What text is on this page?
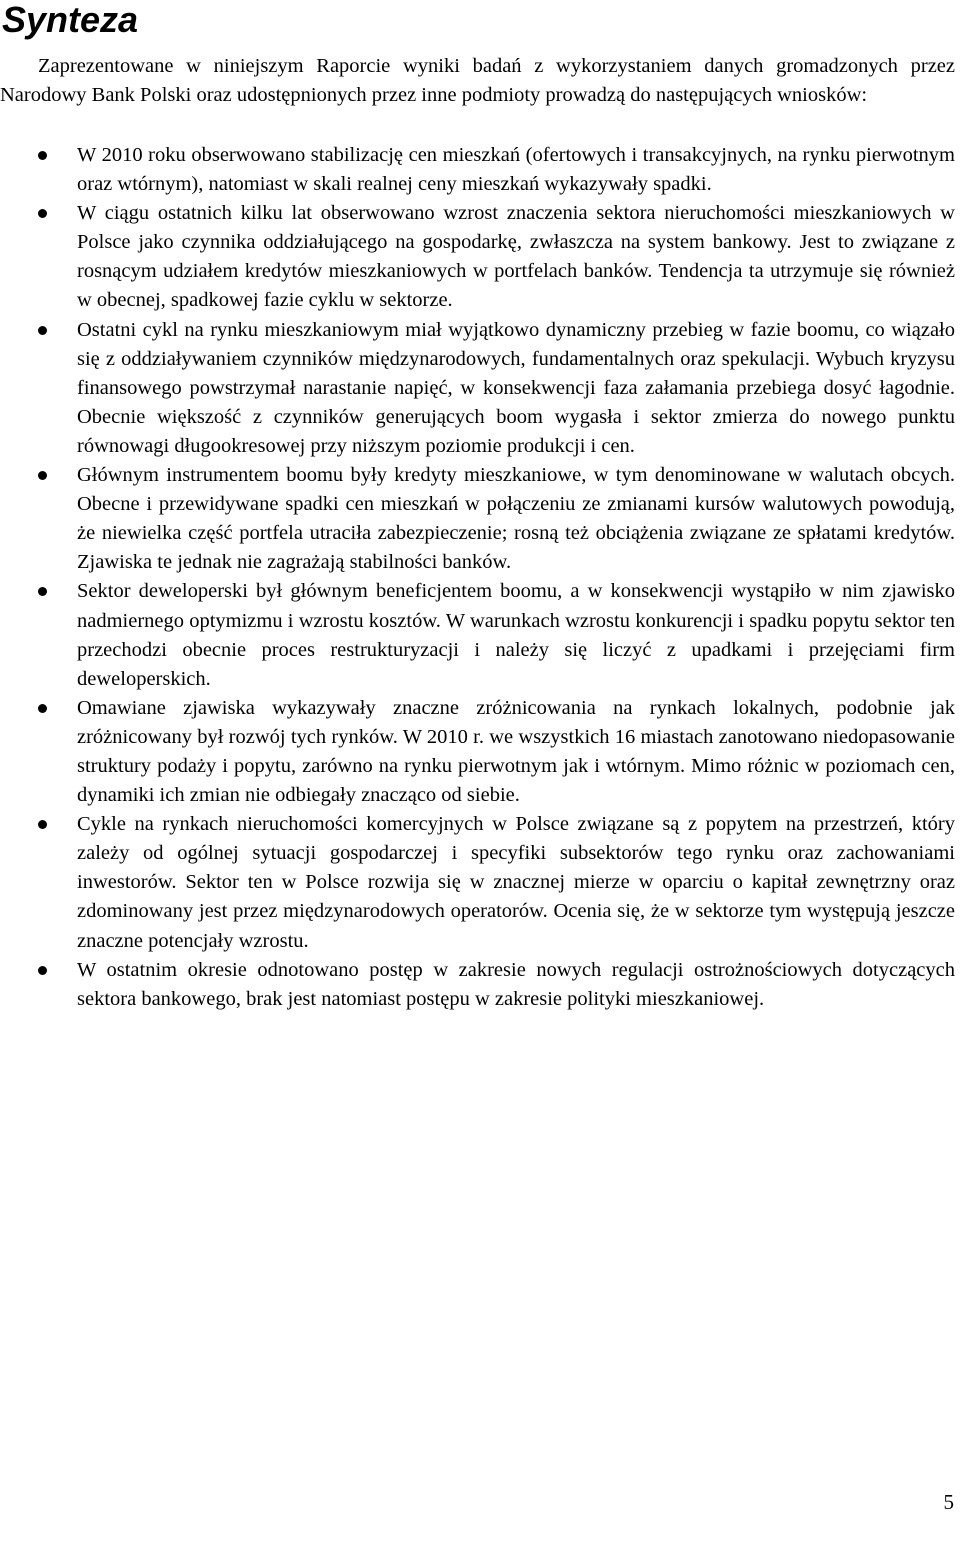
Synteza

Zaprezentowane w niniejszym Raporcie wyniki badań z wykorzystaniem danych gromadzonych przez Narodowy Bank Polski oraz udostępnionych przez inne podmioty prowadzą do następujących wniosków:

W 2010 roku obserwowano stabilizację cen mieszkań (ofertowych i transakcyjnych, na rynku pierwotnym oraz wtórnym), natomiast w skali realnej ceny mieszkań wykazywały spadki.
W ciągu ostatnich kilku lat obserwowano wzrost znaczenia sektora nieruchomości mieszkaniowych w Polsce jako czynnika oddziałującego na gospodarkę, zwłaszcza na system bankowy. Jest to związane z rosnącym udziałem kredytów mieszkaniowych w portfelach banków. Tendencja ta utrzymuje się również w obecnej, spadkowej fazie cyklu w sektorze.
Ostatni cykl na rynku mieszkaniowym miał wyjątkowo dynamiczny przebieg w fazie boomu, co wiązało się z oddziaływaniem czynników międzynarodowych, fundamentalnych oraz spekulacji. Wybuch kryzysu finansowego powstrzymał narastanie napięć, w konsekwencji faza załamania przebiega dosyć łagodnie. Obecnie większość z czynników generujących boom wygasła i sektor zmierza do nowego punktu równowagi długookresowej przy niższym poziomie produkcji i cen.
Głównym instrumentem boomu były kredyty mieszkaniowe, w tym denominowane w walutach obcych. Obecne i przewidywane spadki cen mieszkań w połączeniu ze zmianami kursów walutowych powodują, że niewielka część portfela utraciła zabezpieczenie; rosną też obciążenia związane ze spłatami kredytów. Zjawiska te jednak nie zagrażają stabilności banków.
Sektor deweloperski był głównym beneficjentem boomu, a w konsekwencji wystąpiło w nim zjawisko nadmiernego optymizmu i wzrostu kosztów. W warunkach wzrostu konkurencji i spadku popytu sektor ten przechodzi obecnie proces restrukturyzacji i należy się liczyć z upadkami i przejęciami firm deweloperskich.
Omawiane zjawiska wykazywały znaczne zróżnicowania na rynkach lokalnych, podobnie jak zróżnicowany był rozwój tych rynków. W 2010 r. we wszystkich 16 miastach zanotowano niedopasowanie struktury podaży i popytu, zarówno na rynku pierwotnym jak i wtórnym. Mimo różnic w poziomach cen, dynamiki ich zmian nie odbiegały znacząco od siebie.
Cykle na rynkach nieruchomości komercyjnych w Polsce związane są z popytem na przestrzeń, który zależy od ogólnej sytuacji gospodarczej i specyfiki subsektorów tego rynku oraz zachowaniami inwestorów. Sektor ten w Polsce rozwija się w znacznej mierze w oparciu o kapitał zewnętrzny oraz zdominowany jest przez międzynarodowych operatorów. Ocenia się, że w sektorze tym występują jeszcze znaczne potencjały wzrostu.
W ostatnim okresie odnotowano postęp w zakresie nowych regulacji ostrożnościowych dotyczących sektora bankowego, brak jest natomiast postępu w zakresie polityki mieszkaniowej.
5
